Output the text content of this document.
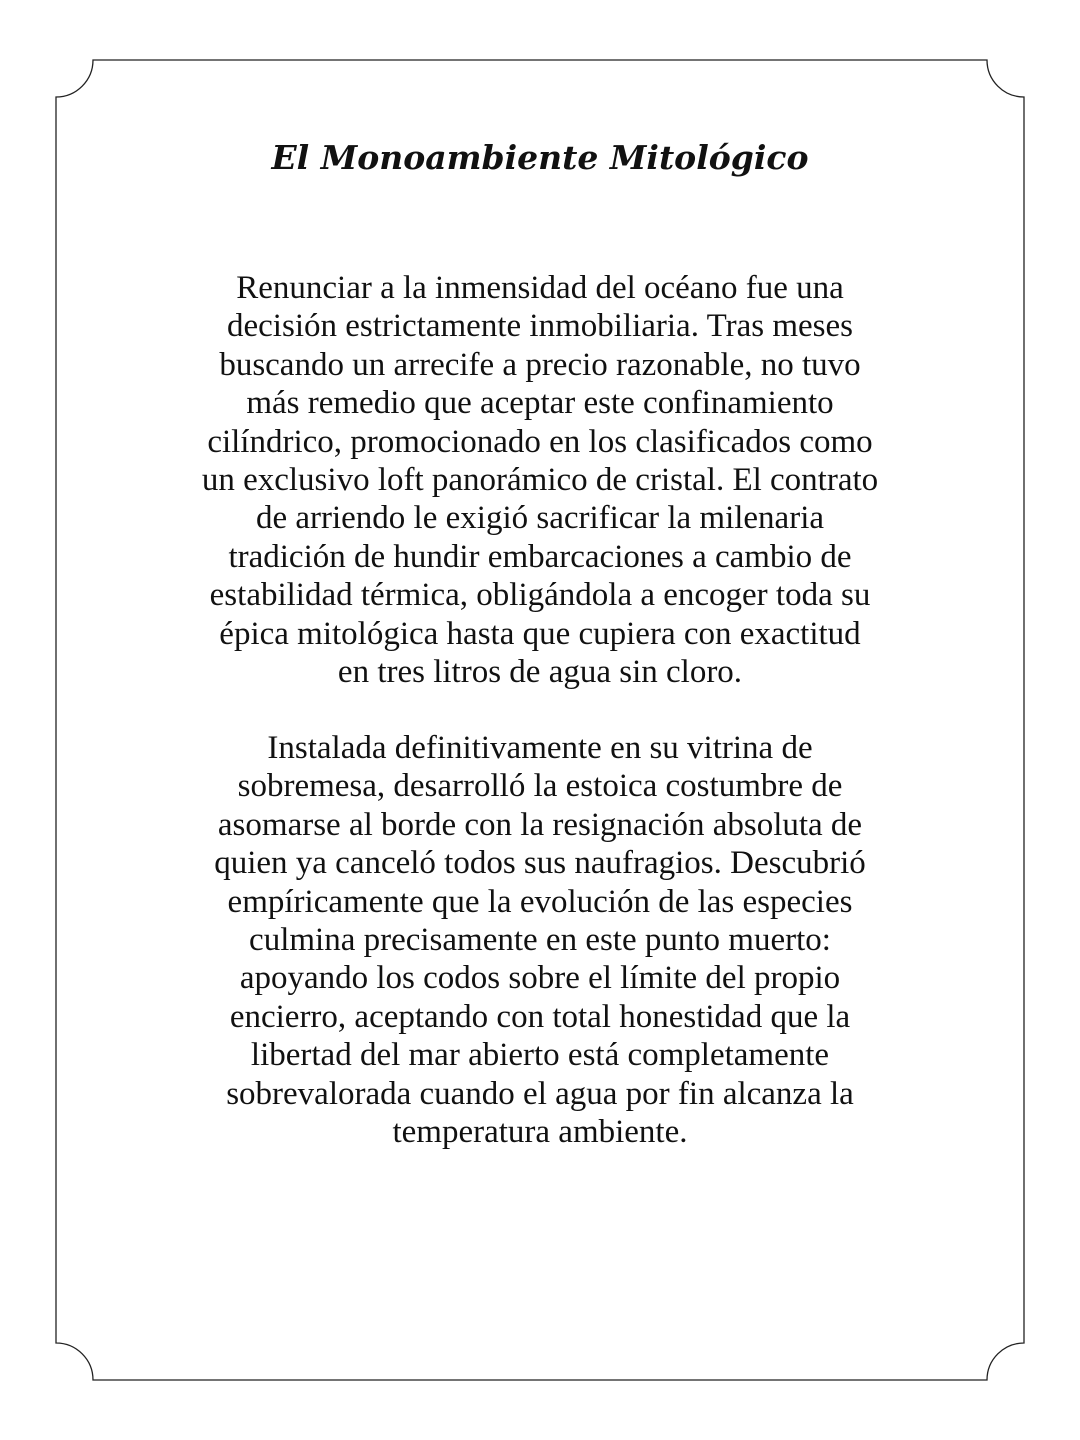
El Monoambiente Mitológico
Renunciar a la inmensidad del océano fue una
decisión estrictamente inmobiliaria. Tras meses
buscando un arrecife a precio razonable, no tuvo
más remedio que aceptar este confinamiento
cilíndrico, promocionado en los clasificados como
un exclusivo loft panorámico de cristal. El contrato
de arriendo le exigió sacrificar la milenaria
tradición de hundir embarcaciones a cambio de
estabilidad térmica, obligándola a encoger toda su
épica mitológica hasta que cupiera con exactitud
en tres litros de agua sin cloro.
Instalada definitivamente en su vitrina de
sobremesa, desarrolló la estoica costumbre de
asomarse al borde con la resignación absoluta de
quien ya canceló todos sus naufragios. Descubrió
empíricamente que la evolución de las especies
culmina precisamente en este punto muerto:
apoyando los codos sobre el límite del propio
encierro, aceptando con total honestidad que la
libertad del mar abierto está completamente
sobrevalorada cuando el agua por fin alcanza la
temperatura ambiente.
